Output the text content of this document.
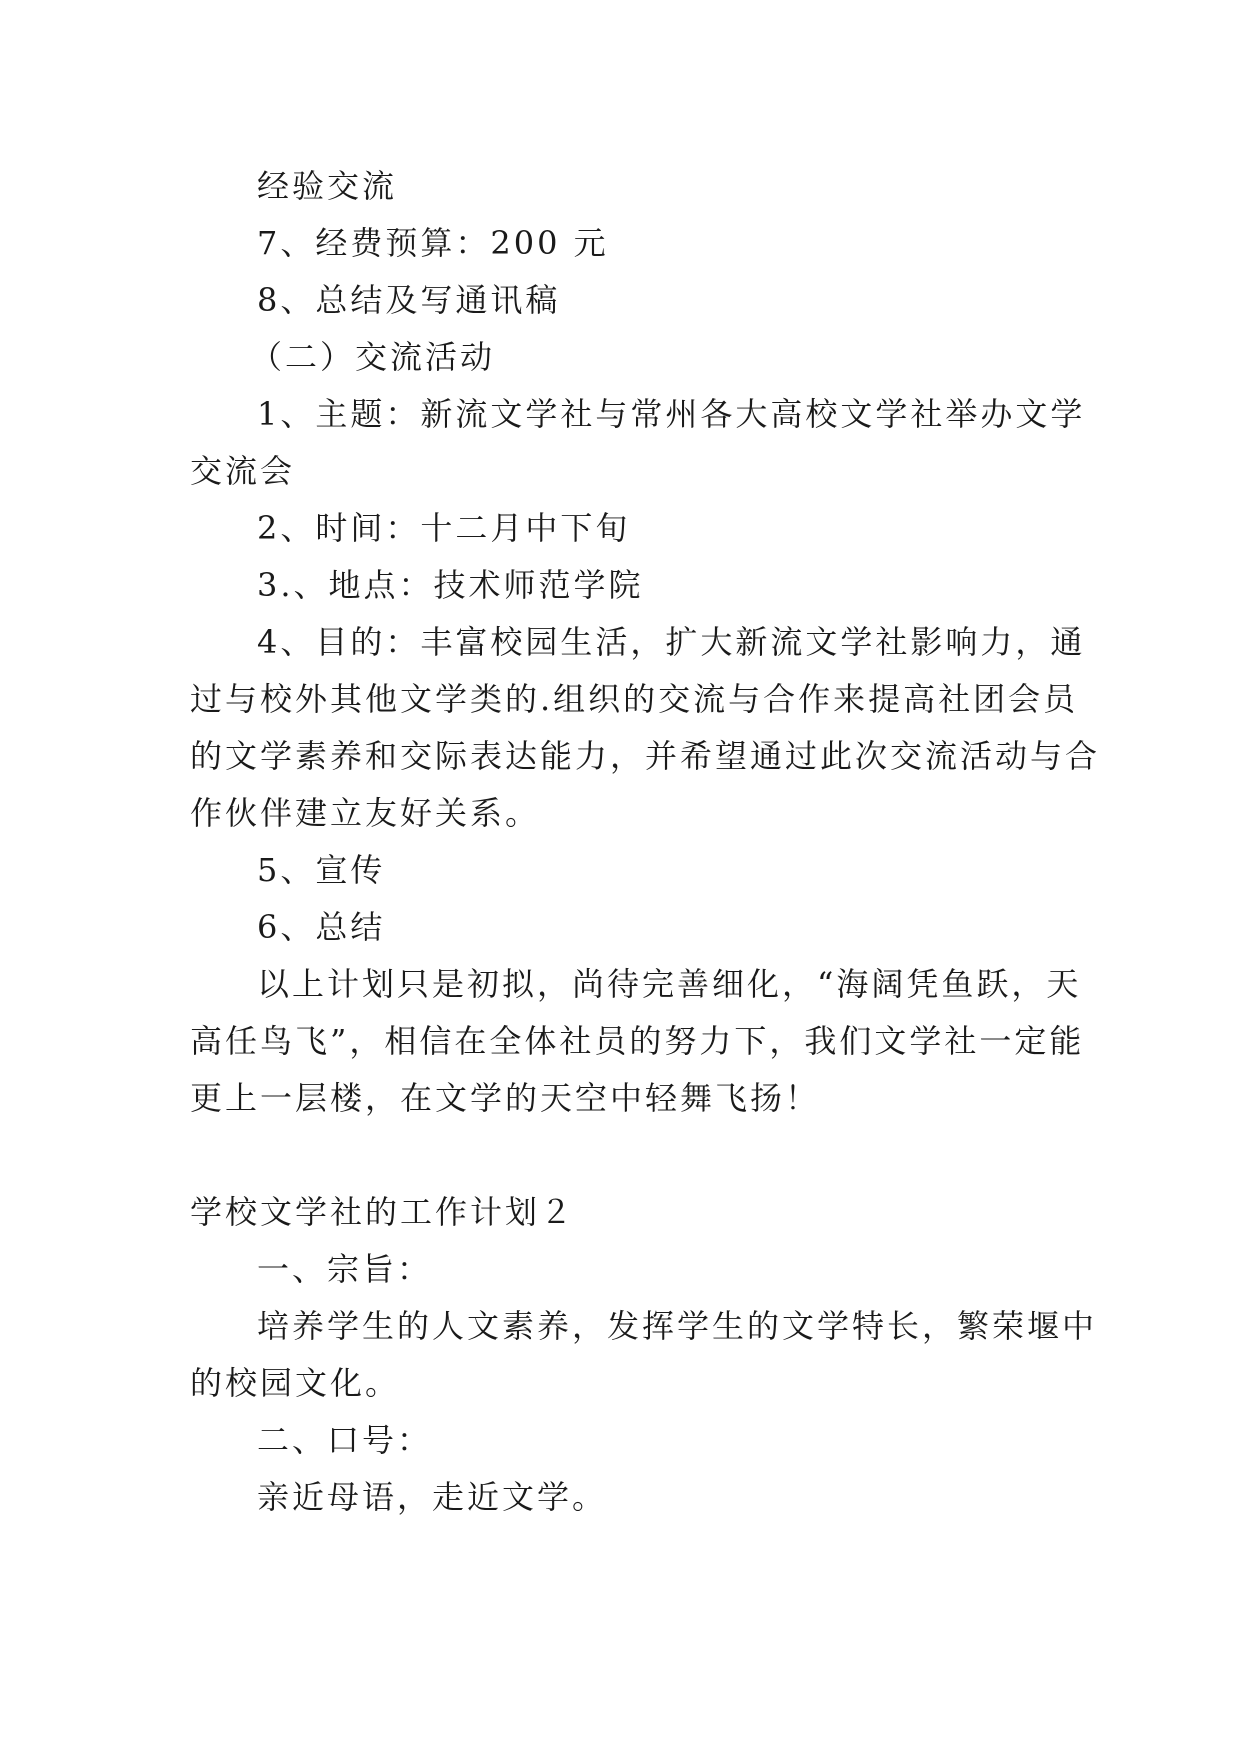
经验交流
7、经费预算：200 元
8、总结及写通讯稿
（二）交流活动
1、主题：新流文学社与常州各大高校文学社举办文学
交流会
2、时间：十二月中下旬
3.、地点：技术师范学院
4、目的：丰富校园生活，扩大新流文学社影响力，通
过与校外其他文学类的.组织的交流与合作来提高社团会员
的文学素养和交际表达能力，并希望通过此次交流活动与合
作伙伴建立友好关系。
5、宣传
6、总结
以上计划只是初拟，尚待完善细化，“海阔凭鱼跃，天
高任鸟飞”，相信在全体社员的努力下，我们文学社一定能
更上一层楼，在文学的天空中轻舞飞扬！
学校文学社的工作计划２
一、宗旨：
培养学生的人文素养，发挥学生的文学特长，繁荣堰中
的校园文化。
二、口号：
亲近母语，走近文学。
